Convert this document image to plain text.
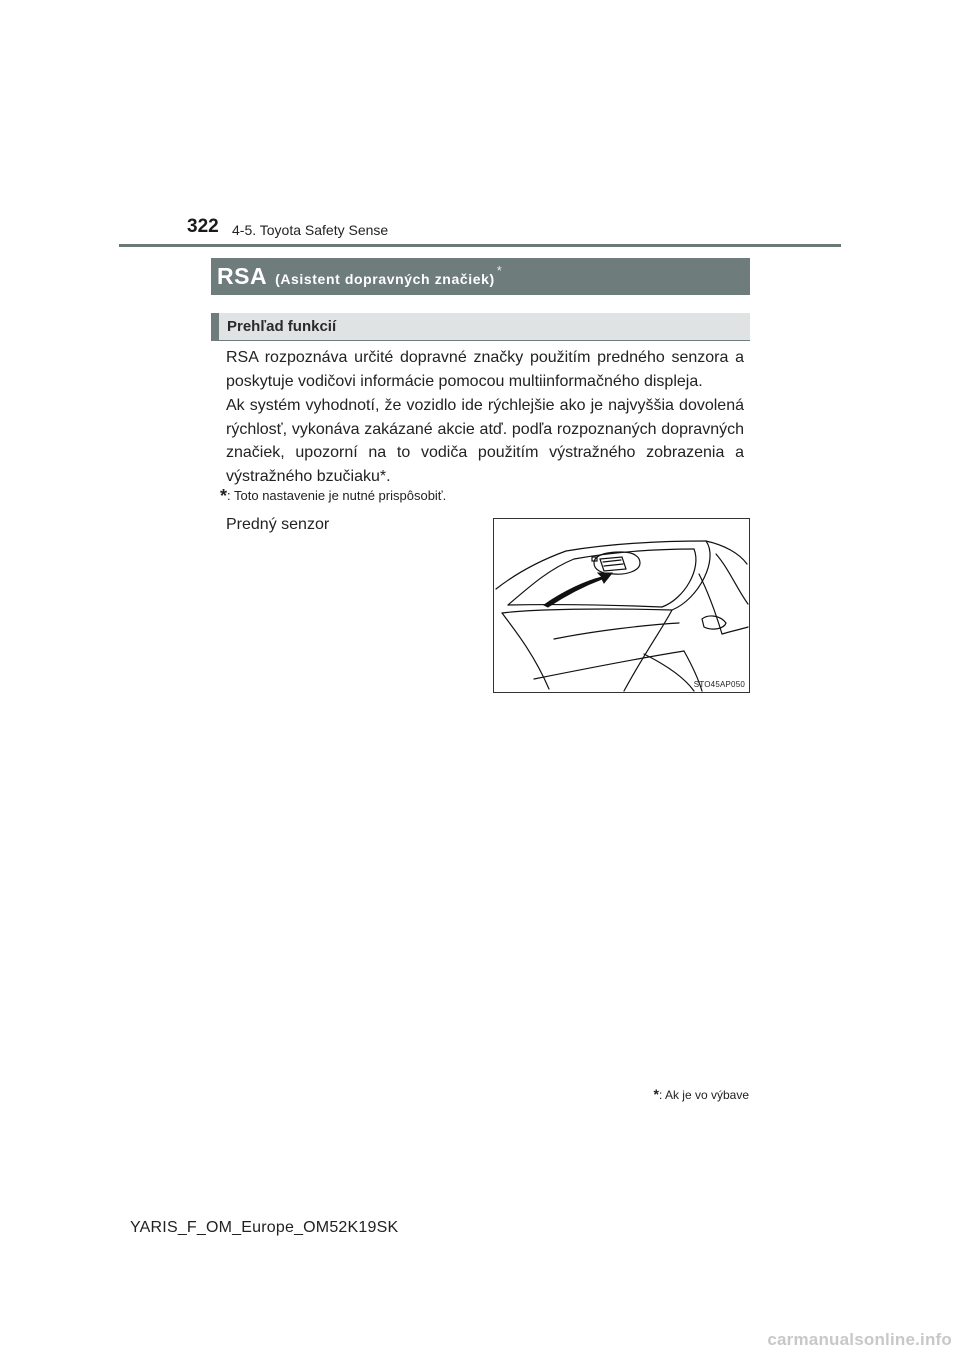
322 4-5. Toyota Safety Sense
RSA (Asistent dopravných značiek)*
Prehľad funkcií
RSA rozpoznáva určité dopravné značky použitím predného senzora a poskytuje vodičovi informácie pomocou multiinformačného displeja.
Ak systém vyhodnotí, že vozidlo ide rýchlejšie ako je najvyššia dovolená rýchlosť, vykonáva zakázané akcie atď. podľa rozpoznaných dopravných značiek, upozorní na to vodiča použitím výstražného zobrazenia a výstražného bzučiaku*.
*: Toto nastavenie je nutné prispôsobiť.
Predný senzor
STO45AP050
*: Ak je vo výbave
YARIS_F_OM_Europe_OM52K19SK
carmanualsonline.info
